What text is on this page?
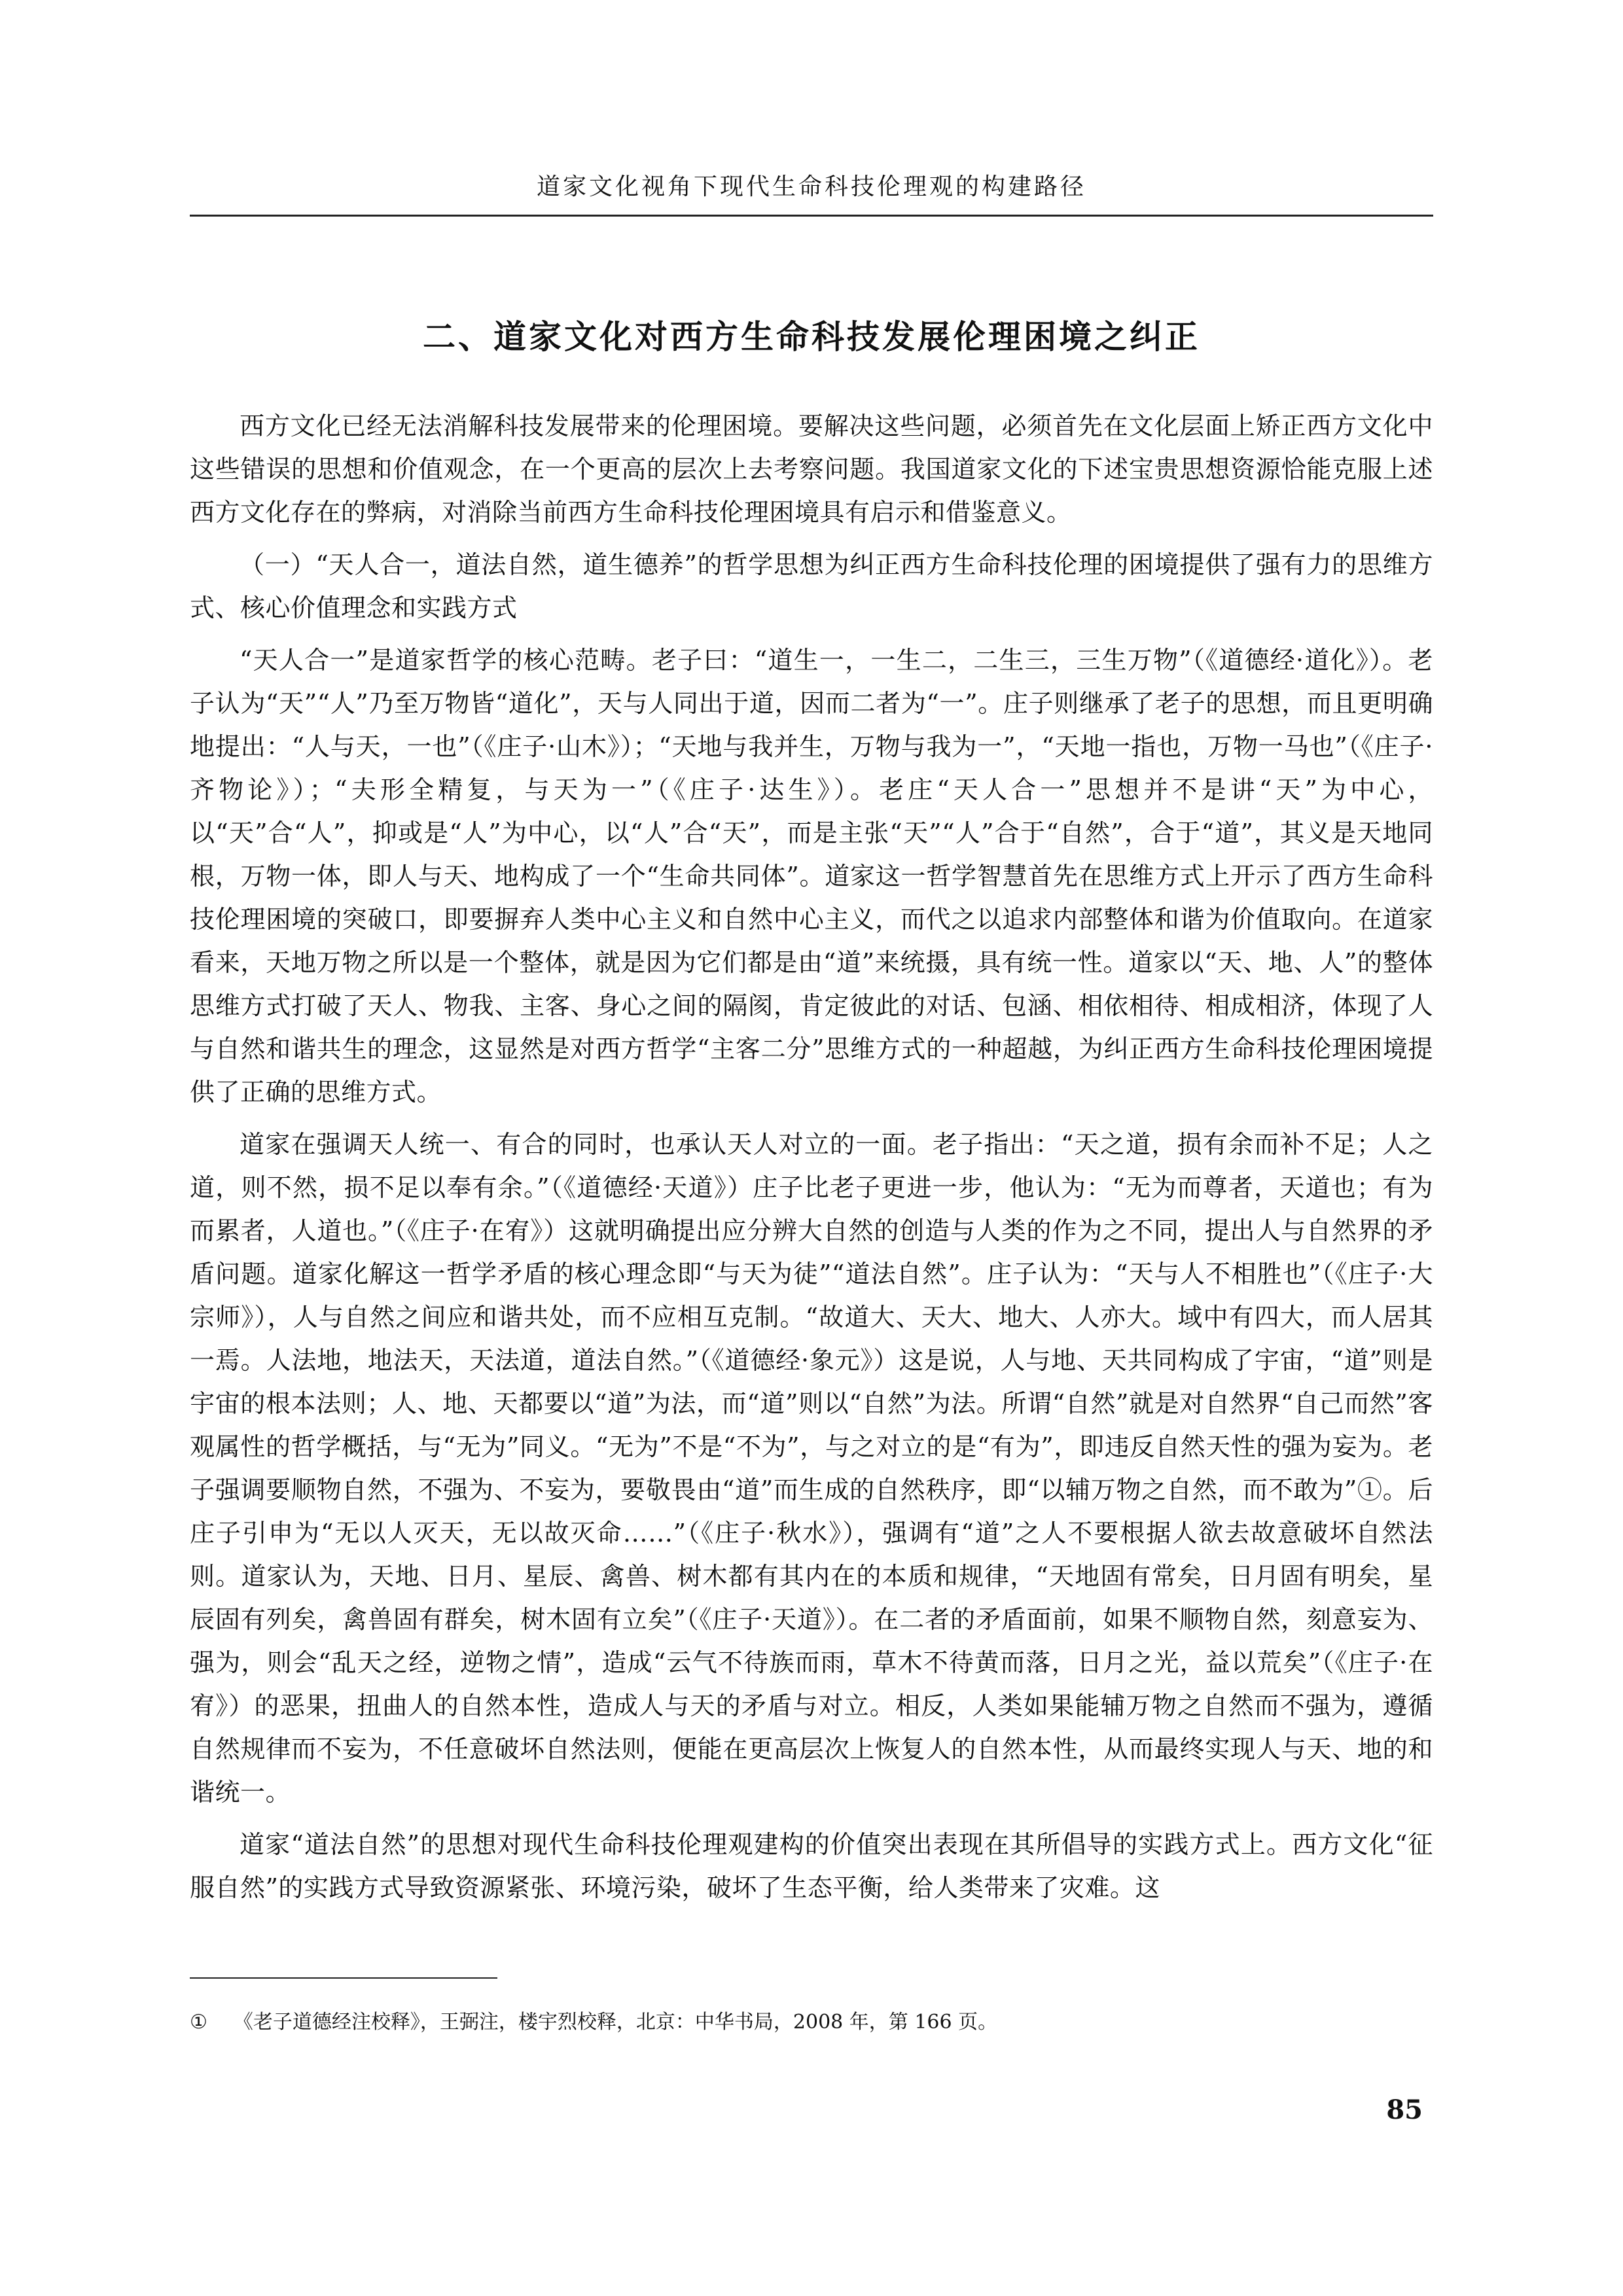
道家文化视角下现代生命科技伦理观的构建路径
二、道家文化对西方生命科技发展伦理困境之纠正

西方文化已经无法消解科技发展带来的伦理困境。要解决这些问题，必须首先在文化层面上矫正西方文化中这些错误的思想和价值观念，在一个更高的层次上去考察问题。我国道家文化的下述宝贵思想资源恰能克服上述西方文化存在的弊病，对消除当前西方生命科技伦理困境具有启示和借鉴意义。

（一）“天人合一，道法自然，道生德养”的哲学思想为纠正西方生命科技伦理的困境提供了强有力的思维方式、核心价值理念和实践方式

“天人合一”是道家哲学的核心范畴。老子曰：“道生一，一生二，二生三，三生万物”（《道德经·道化》）。老子认为“天”“人”乃至万物皆“道化”，天与人同出于道，因而二者为“一”。庄子则继承了老子的思想，而且更明确地提出：“人与天，一也”（《庄子·山木》）；“天地与我并生，万物与我为一”，“天地一指也，万物一马也”（《庄子·齐物论》）；“夫形全精复，与天为一”（《庄子·达生》）。老庄“天人合一”思想并不是讲“天”为中心，以“天”合“人”，抑或是“人”为中心，以“人”合“天”，而是主张“天”“人”合于“自然”，合于“道”，其义是天地同根，万物一体，即人与天、地构成了一个“生命共同体”。道家这一哲学智慧首先在思维方式上开示了西方生命科技伦理困境的突破口，即要摒弃人类中心主义和自然中心主义，而代之以追求内部整体和谐为价值取向。在道家看来，天地万物之所以是一个整体，就是因为它们都是由“道”来统摄，具有统一性。道家以“天、地、人”的整体思维方式打破了天人、物我、主客、身心之间的隔阂，肯定彼此的对话、包涵、相依相待、相成相济，体现了人与自然和谐共生的理念，这显然是对西方哲学“主客二分”思维方式的一种超越，为纠正西方生命科技伦理困境提供了正确的思维方式。

道家在强调天人统一、有合的同时，也承认天人对立的一面。老子指出：“天之道，损有余而补不足；人之道，则不然，损不足以奉有余。”（《道德经·天道》）庄子比老子更进一步，他认为：“无为而尊者，天道也；有为而累者，人道也。”（《庄子·在宥》）这就明确提出应分辨大自然的创造与人类的作为之不同，提出人与自然界的矛盾问题。道家化解这一哲学矛盾的核心理念即“与天为徒”“道法自然”。庄子认为：“天与人不相胜也”（《庄子·大宗师》），人与自然之间应和谐共处，而不应相互克制。“故道大、天大、地大、人亦大。域中有四大，而人居其一焉。人法地，地法天，天法道，道法自然。”（《道德经·象元》）这是说，人与地、天共同构成了宇宙，“道”则是宇宙的根本法则；人、地、天都要以“道”为法，而“道”则以“自然”为法。所谓“自然”就是对自然界“自己而然”客观属性的哲学概括，与“无为”同义。“无为”不是“不为”，与之对立的是“有为”，即违反自然天性的强为妄为。老子强调要顺物自然，不强为、不妄为，要敬畏由“道”而生成的自然秩序，即“以辅万物之自然，而不敢为”①。后庄子引申为“无以人灭天，无以故灭命……”（《庄子·秋水》），强调有“道”之人不要根据人欲去故意破坏自然法则。道家认为，天地、日月、星辰、禽兽、树木都有其内在的本质和规律，“天地固有常矣，日月固有明矣，星辰固有列矣，禽兽固有群矣，树木固有立矣”（《庄子·天道》）。在二者的矛盾面前，如果不顺物自然，刻意妄为、强为，则会“乱天之经，逆物之情”，造成“云气不待族而雨，草木不待黄而落，日月之光，益以荒矣”（《庄子·在宥》）的恶果，扭曲人的自然本性，造成人与天的矛盾与对立。相反，人类如果能辅万物之自然而不强为，遵循自然规律而不妄为，不任意破坏自然法则，便能在更高层次上恢复人的自然本性，从而最终实现人与天、地的和谐统一。

道家“道法自然”的思想对现代生命科技伦理观建构的价值突出表现在其所倡导的实践方式上。西方文化“征服自然”的实践方式导致资源紧张、环境污染，破坏了生态平衡，给人类带来了灾难。这

① 《老子道德经注校释》，王弼注，楼宇烈校释，北京：中华书局，2008 年，第 166 页。
85
